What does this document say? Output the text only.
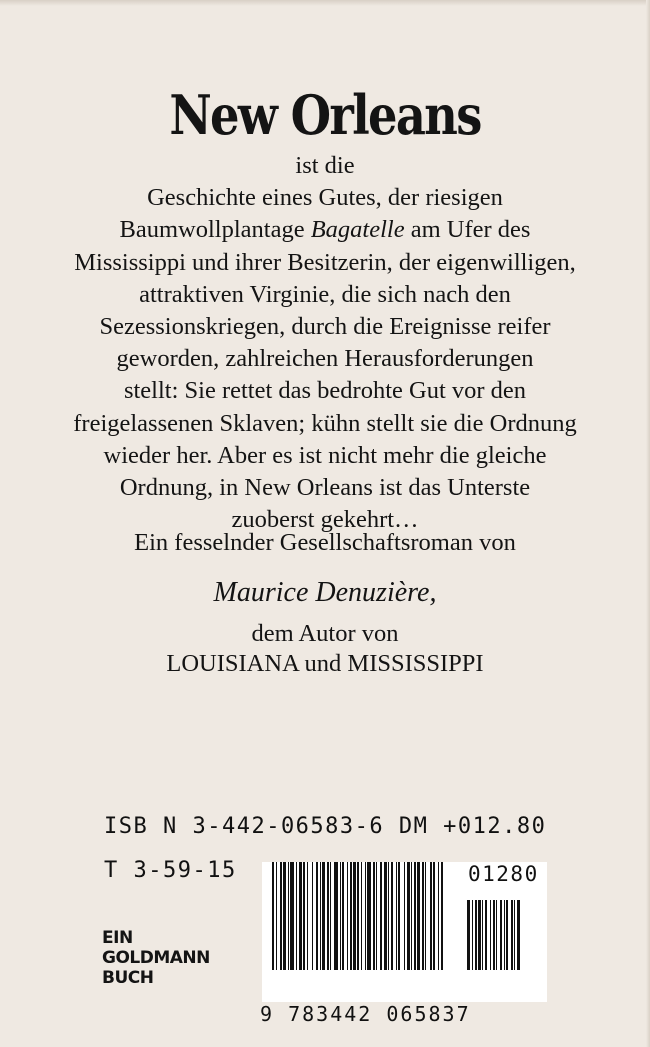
New Orleans
ist die
Geschichte eines Gutes, der riesigen
Baumwollplantage Bagatelle am Ufer des
Mississippi und ihrer Besitzerin, der eigenwilligen,
attraktiven Virginie, die sich nach den
Sezessionskriegen, durch die Ereignisse reifer
geworden, zahlreichen Herausforderungen
stellt: Sie rettet das bedrohte Gut vor den
freigelassenen Sklaven; kühn stellt sie die Ordnung
wieder her. Aber es ist nicht mehr die gleiche
Ordnung, in New Orleans ist das Unterste
zuoberst gekehrt…
Ein fesselnder Gesellschaftsroman von
Maurice Denuzière,
dem Autor von
LOUISIANA und MISSISSIPPI
ISB N 3-442-06583-6 DM +012.80
T 3-59-15	01280
9 783442 065837
EIN
GOLDMANN
BUCH
